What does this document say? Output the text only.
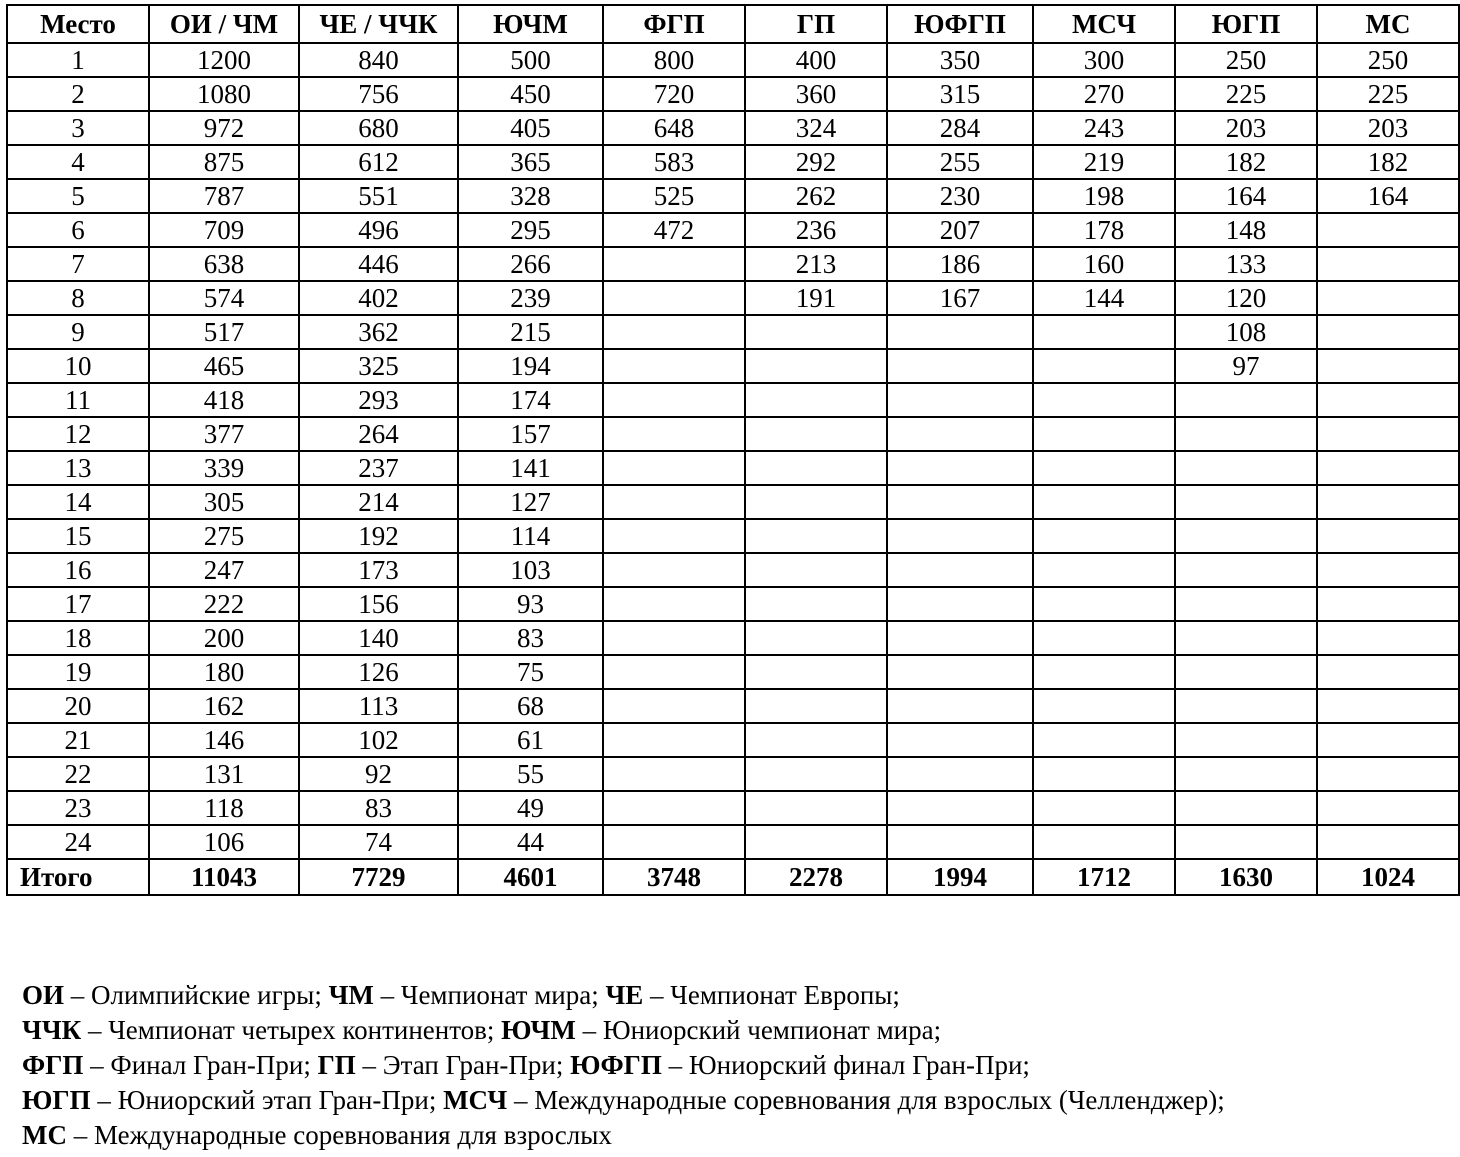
Место	ОИ / ЧМ	ЧЕ / ЧЧК	ЮЧМ	ФГП	ГП	ЮФГП	МСЧ	ЮГП	МС
1	1200	840	500	800	400	350	300	250	250
2	1080	756	450	720	360	315	270	225	225
3	972	680	405	648	324	284	243	203	203
4	875	612	365	583	292	255	219	182	182
5	787	551	328	525	262	230	198	164	164
6	709	496	295	472	236	207	178	148	
7	638	446	266		213	186	160	133	
8	574	402	239		191	167	144	120	
9	517	362	215					108	
10	465	325	194					97	
11	418	293	174						
12	377	264	157						
13	339	237	141						
14	305	214	127						
15	275	192	114						
16	247	173	103						
17	222	156	93						
18	200	140	83						
19	180	126	75						
20	162	113	68						
21	146	102	61						
22	131	92	55						
23	118	83	49						
24	106	74	44						
Итого	11043	7729	4601	3748	2278	1994	1712	1630	1024
ОИ – Олимпийские игры; ЧМ – Чемпионат мира; ЧЕ – Чемпионат Европы;
ЧЧК – Чемпионат четырех континентов; ЮЧМ – Юниорский чемпионат мира;
ФГП – Финал Гран-При; ГП – Этап Гран-При; ЮФГП – Юниорский финал Гран-При;
ЮГП – Юниорский этап Гран-При; МСЧ – Международные соревнования для взрослых (Челленджер);
МС – Международные соревнования для взрослых
